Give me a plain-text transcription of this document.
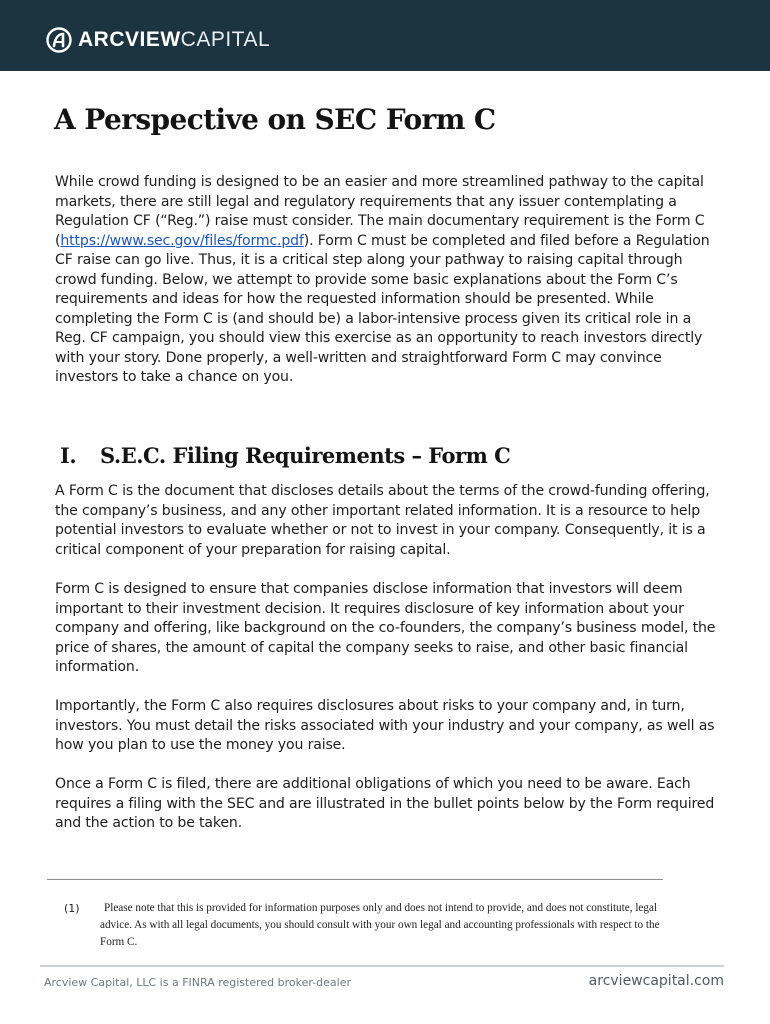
ARCVIEWCAPITAL
A Perspective on SEC Form C

While crowd funding is designed to be an easier and more streamlined pathway to the capital markets, there are still legal and regulatory requirements that any issuer contemplating a Regulation CF (“Reg.”) raise must consider. The main documentary requirement is the Form C (https://www.sec.gov/files/formc.pdf). Form C must be completed and filed before a Regulation CF raise can go live. Thus, it is a critical step along your pathway to raising capital through crowd funding. Below, we attempt to provide some basic explanations about the Form C’s requirements and ideas for how the requested information should be presented. While completing the Form C is (and should be) a labor-intensive process given its critical role in a Reg. CF campaign, you should view this exercise as an opportunity to reach investors directly with your story. Done properly, a well-written and straightforward Form C may convince investors to take a chance on you.

I. S.E.C. Filing Requirements – Form C

A Form C is the document that discloses details about the terms of the crowd-funding offering, the company’s business, and any other important related information. It is a resource to help potential investors to evaluate whether or not to invest in your company. Consequently, it is a critical component of your preparation for raising capital.

Form C is designed to ensure that companies disclose information that investors will deem important to their investment decision. It requires disclosure of key information about your company and offering, like background on the co-founders, the company’s business model, the price of shares, the amount of capital the company seeks to raise, and other basic financial information.

Importantly, the Form C also requires disclosures about risks to your company and, in turn, investors. You must detail the risks associated with your industry and your company, as well as how you plan to use the money you raise.

Once a Form C is filed, there are additional obligations of which you need to be aware. Each requires a filing with the SEC and are illustrated in the bullet points below by the Form required and the action to be taken.

(1)	Please note that this is provided for information purposes only and does not intend to provide, and does not constitute, legal advice. As with all legal documents, you should consult with your own legal and accounting professionals with respect to the Form C.
Arcview Capital, LLC is a FINRA registered broker-dealer	arcviewcapital.com
